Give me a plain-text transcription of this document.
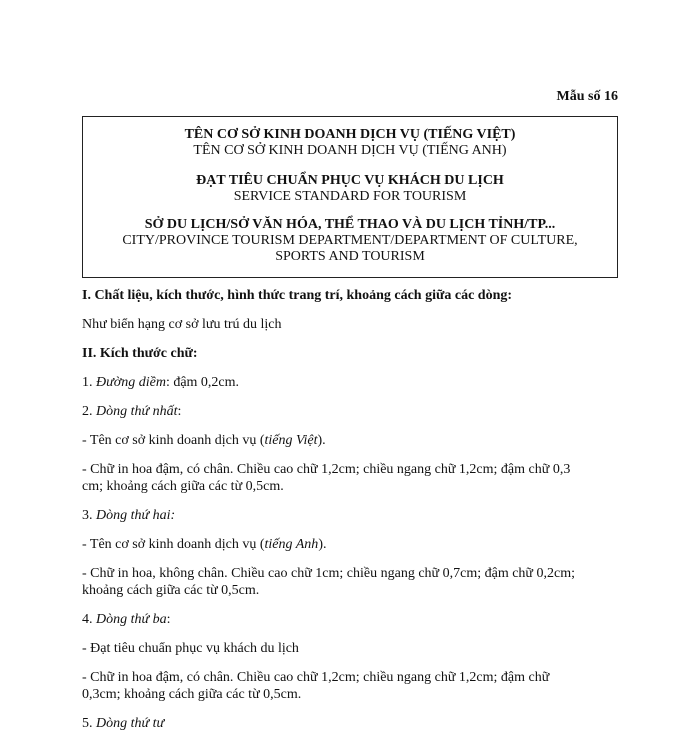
Mẫu số 16
TÊN CƠ SỞ KINH DOANH DỊCH VỤ (TIẾNG VIỆT)
TÊN CƠ SỞ KINH DOANH DỊCH VỤ (TIẾNG ANH)
ĐẠT TIÊU CHUẨN PHỤC VỤ KHÁCH DU LỊCH
SERVICE STANDARD FOR TOURISM
SỞ DU LỊCH/SỞ VĂN HÓA, THỂ THAO VÀ DU LỊCH TỈNH/TP...
CITY/PROVINCE TOURISM DEPARTMENT/DEPARTMENT OF CULTURE,
SPORTS AND TOURISM

I. Chất liệu, kích thước, hình thức trang trí, khoảng cách giữa các dòng:

Như biển hạng cơ sở lưu trú du lịch

II. Kích thước chữ:

1. Đường diềm: đậm 0,2cm.

2. Dòng thứ nhất:

- Tên cơ sở kinh doanh dịch vụ (tiếng Việt).

- Chữ in hoa đậm, có chân. Chiều cao chữ 1,2cm; chiều ngang chữ 1,2cm; đậm chữ 0,3
cm; khoảng cách giữa các từ 0,5cm.

3. Dòng thứ hai:

- Tên cơ sở kinh doanh dịch vụ (tiếng Anh).

- Chữ in hoa, không chân. Chiều cao chữ 1cm; chiều ngang chữ 0,7cm; đậm chữ 0,2cm;
khoảng cách giữa các từ 0,5cm.

4. Dòng thứ ba:

- Đạt tiêu chuẩn phục vụ khách du lịch

- Chữ in hoa đậm, có chân. Chiều cao chữ 1,2cm; chiều ngang chữ 1,2cm; đậm chữ
0,3cm; khoảng cách giữa các từ 0,5cm.

5. Dòng thứ tư
